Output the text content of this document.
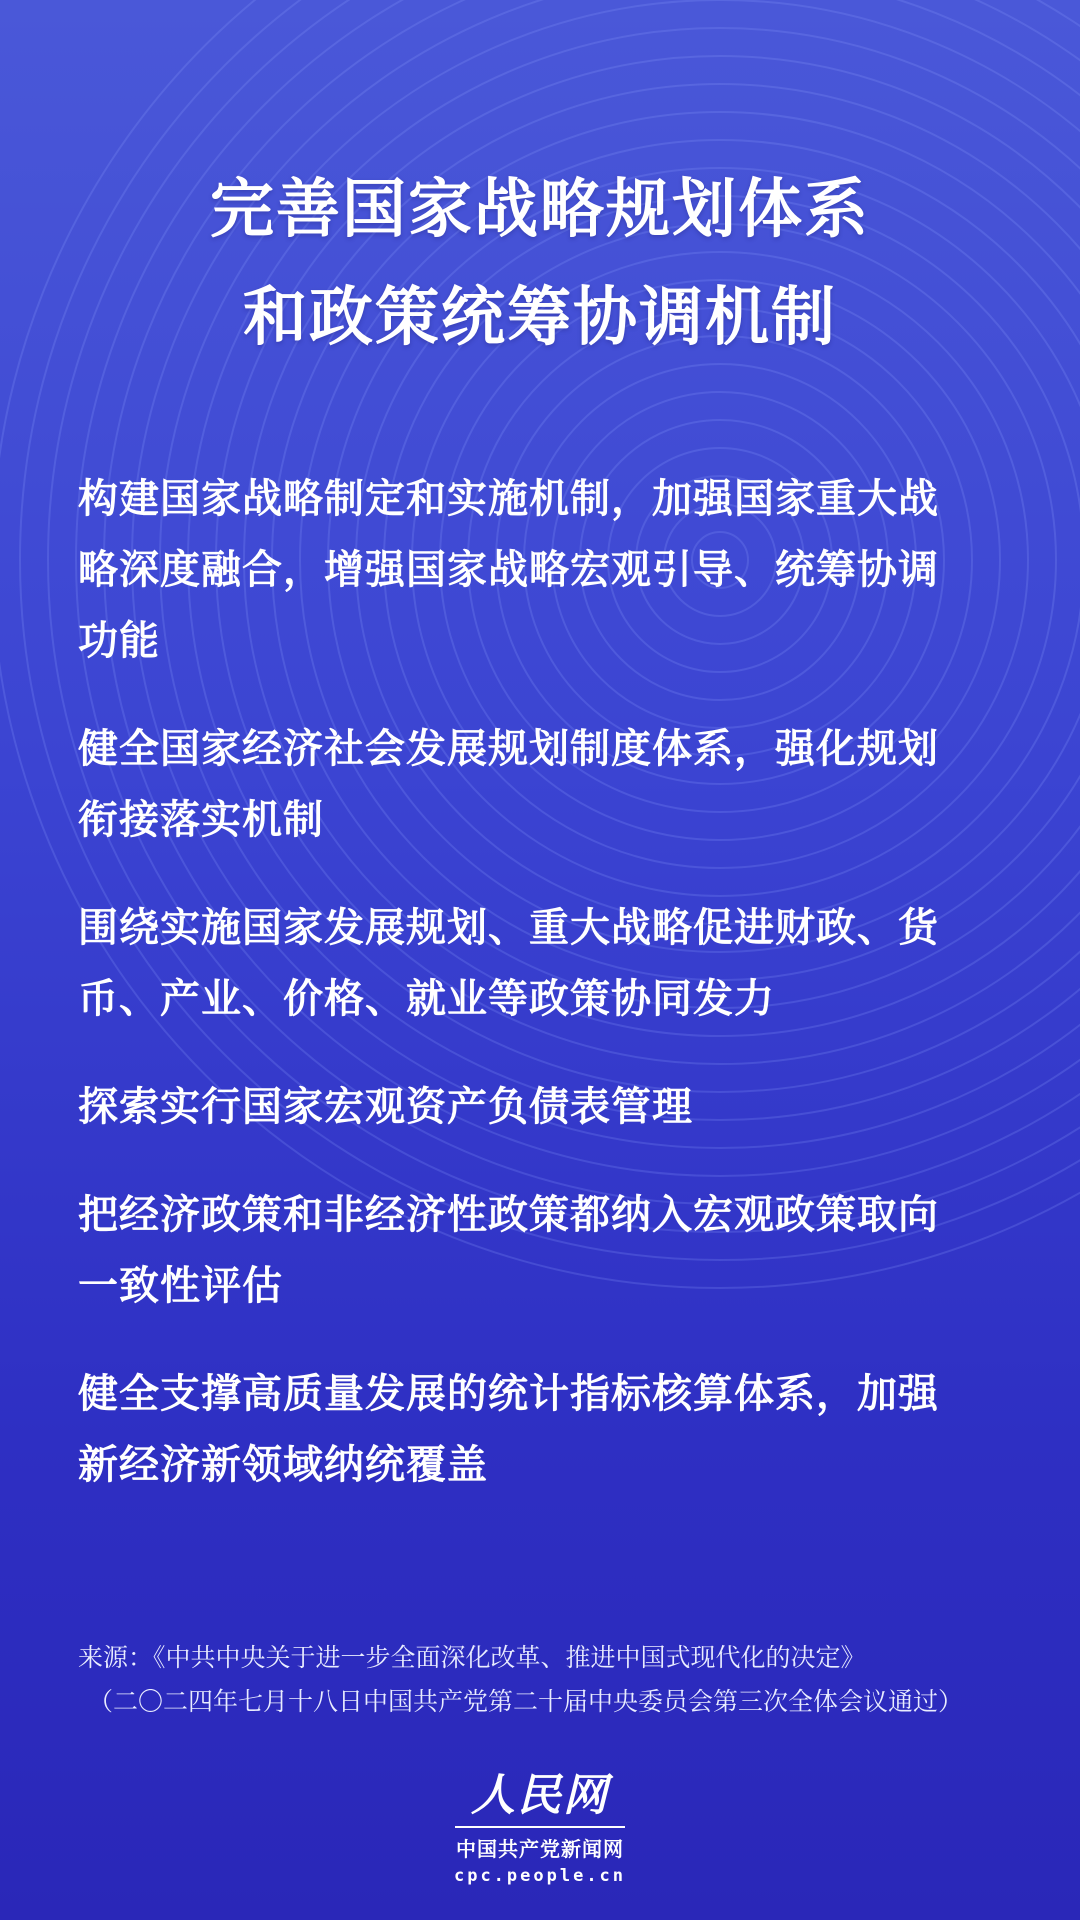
完善国家战略规划体系
和政策统筹协调机制
构建国家战略制定和实施机制，加强国家重大战
略深度融合，增强国家战略宏观引导、统筹协调
功能
健全国家经济社会发展规划制度体系，强化规划
衔接落实机制
围绕实施国家发展规划、重大战略促进财政、货
币、产业、价格、就业等政策协同发力
探索实行国家宏观资产负债表管理
把经济政策和非经济性政策都纳入宏观政策取向
一致性评估
健全支撑高质量发展的统计指标核算体系，加强
新经济新领域纳统覆盖
来源：《中共中央关于进一步全面深化改革、推进中国式现代化的决定》
（二〇二四年七月十八日中国共产党第二十届中央委员会第三次全体会议通过）
人民网
中国共产党新闻网
cpc.people.cn
